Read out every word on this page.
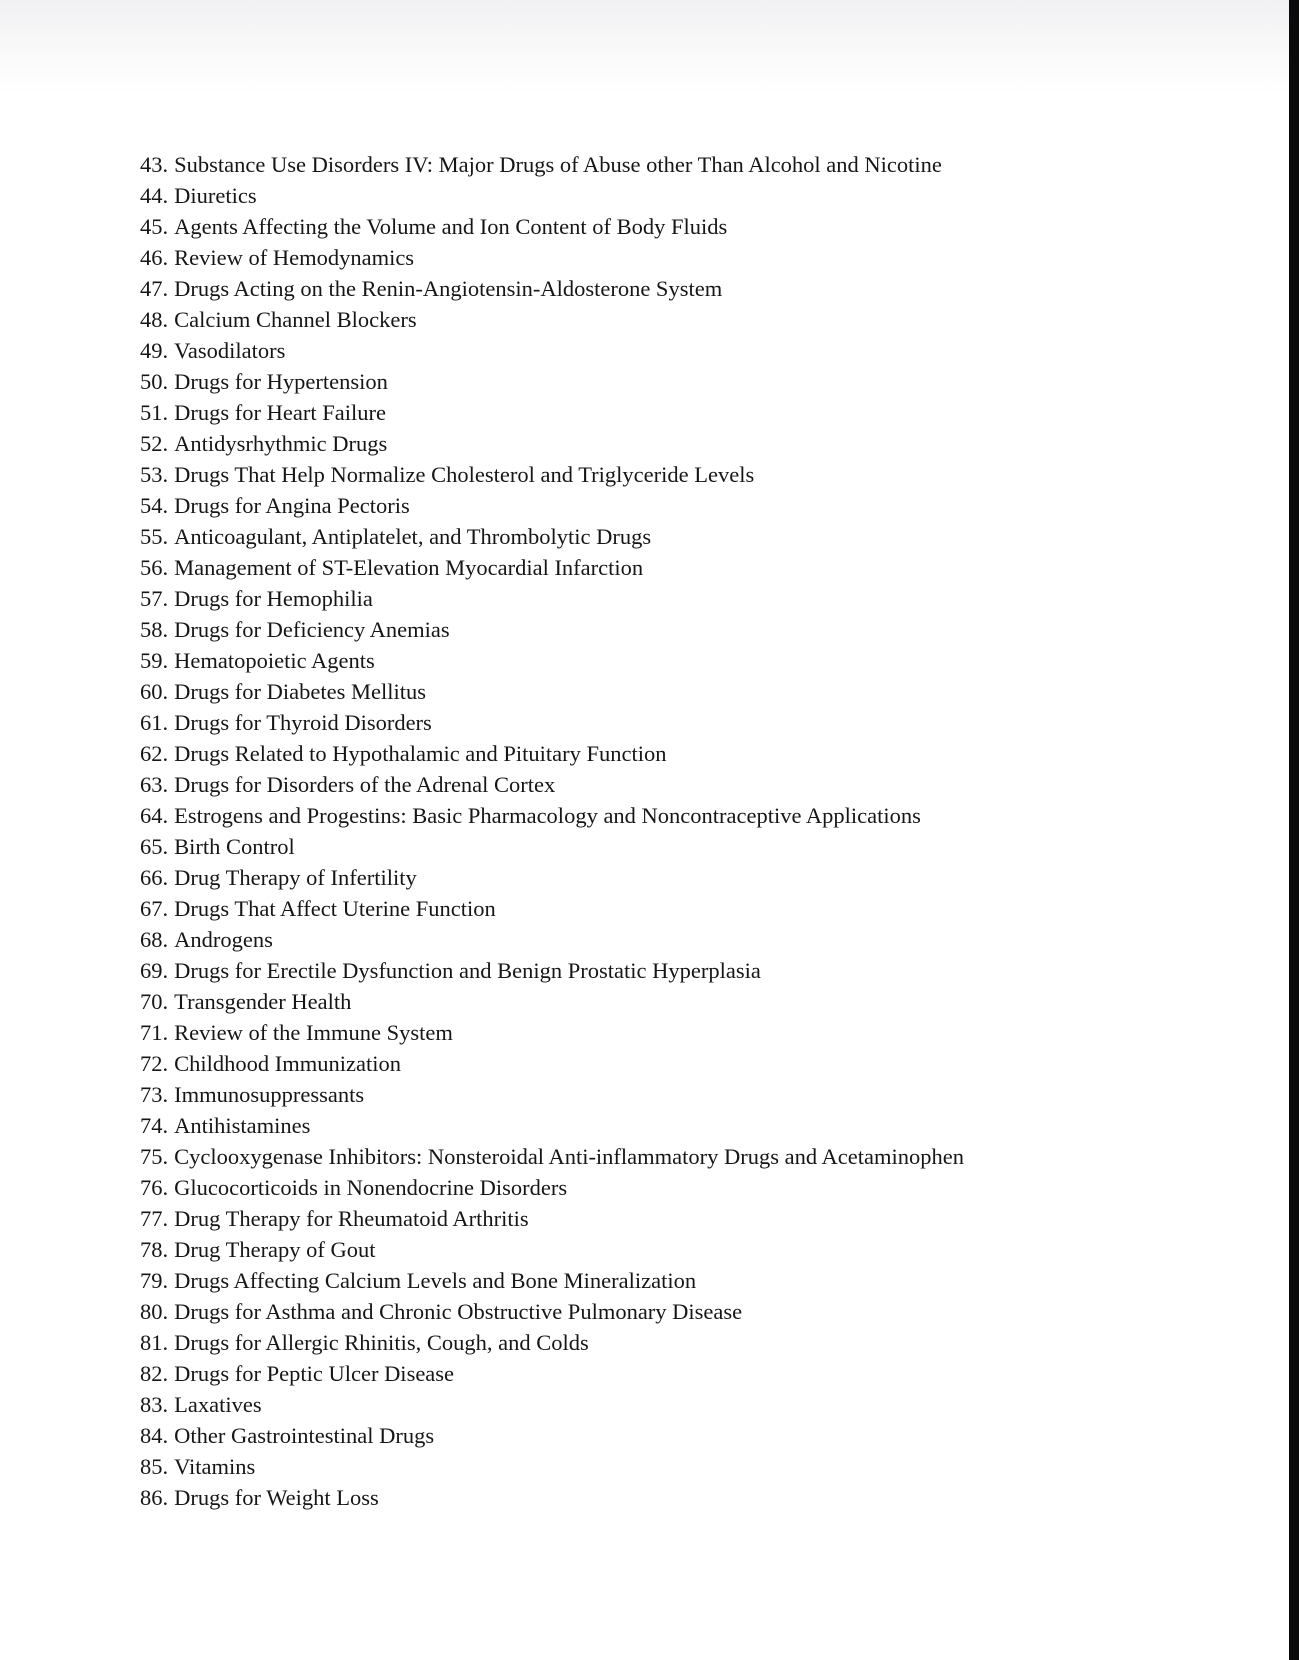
43. Substance Use Disorders IV: Major Drugs of Abuse other Than Alcohol and Nicotine
44. Diuretics
45. Agents Affecting the Volume and Ion Content of Body Fluids
46. Review of Hemodynamics
47. Drugs Acting on the Renin-Angiotensin-Aldosterone System
48. Calcium Channel Blockers
49. Vasodilators
50. Drugs for Hypertension
51. Drugs for Heart Failure
52. Antidysrhythmic Drugs
53. Drugs That Help Normalize Cholesterol and Triglyceride Levels
54. Drugs for Angina Pectoris
55. Anticoagulant, Antiplatelet, and Thrombolytic Drugs
56. Management of ST-Elevation Myocardial Infarction
57. Drugs for Hemophilia
58. Drugs for Deficiency Anemias
59. Hematopoietic Agents
60. Drugs for Diabetes Mellitus
61. Drugs for Thyroid Disorders
62. Drugs Related to Hypothalamic and Pituitary Function
63. Drugs for Disorders of the Adrenal Cortex
64. Estrogens and Progestins: Basic Pharmacology and Noncontraceptive Applications
65. Birth Control
66. Drug Therapy of Infertility
67. Drugs That Affect Uterine Function
68. Androgens
69. Drugs for Erectile Dysfunction and Benign Prostatic Hyperplasia
70. Transgender Health
71. Review of the Immune System
72. Childhood Immunization
73. Immunosuppressants
74. Antihistamines
75. Cyclooxygenase Inhibitors: Nonsteroidal Anti-inflammatory Drugs and Acetaminophen
76. Glucocorticoids in Nonendocrine Disorders
77. Drug Therapy for Rheumatoid Arthritis
78. Drug Therapy of Gout
79. Drugs Affecting Calcium Levels and Bone Mineralization
80. Drugs for Asthma and Chronic Obstructive Pulmonary Disease
81. Drugs for Allergic Rhinitis, Cough, and Colds
82. Drugs for Peptic Ulcer Disease
83. Laxatives
84. Other Gastrointestinal Drugs
85. Vitamins
86. Drugs for Weight Loss
